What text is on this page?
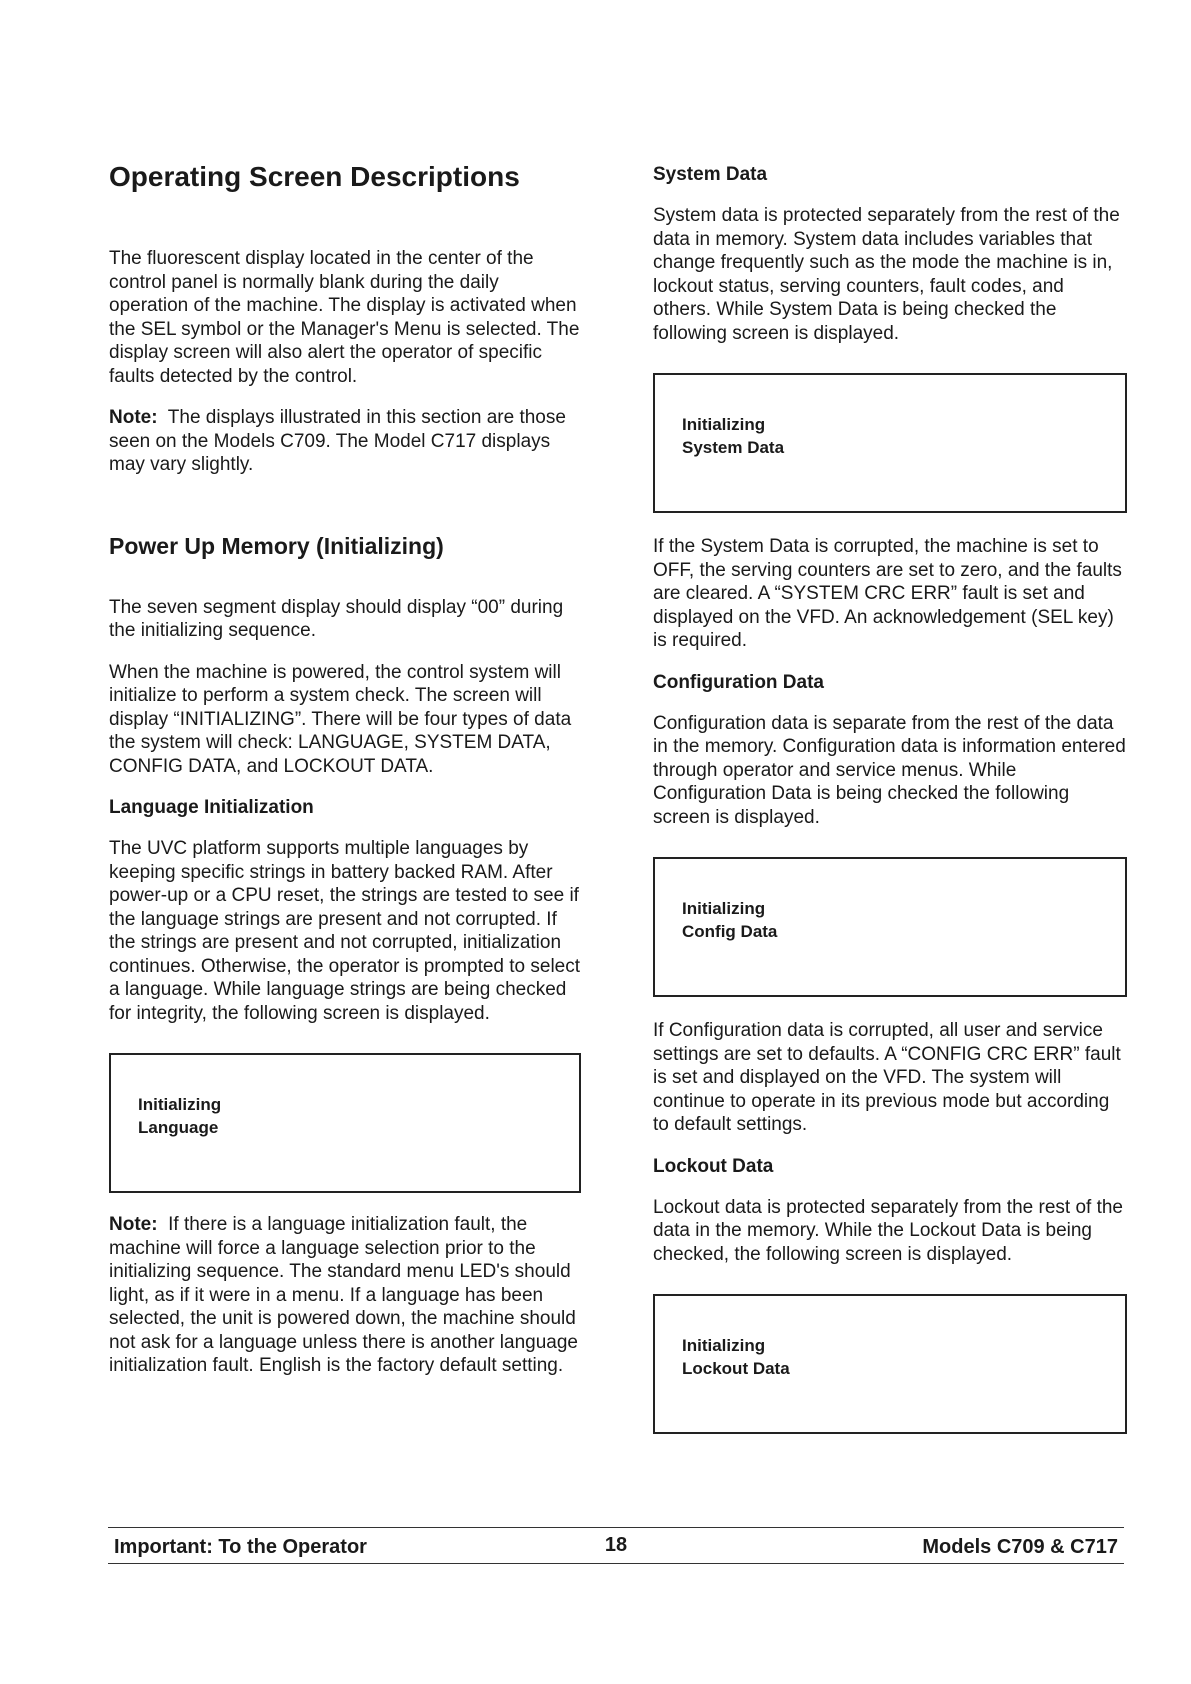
Operating Screen Descriptions

The fluorescent display located in the center of the control panel is normally blank during the daily operation of the machine. The display is activated when the SEL symbol or the Manager's Menu is selected. The display screen will also alert the operator of specific faults detected by the control.

Note: The displays illustrated in this section are those seen on the Models C709. The Model C717 displays may vary slightly.

Power Up Memory (Initializing)

The seven segment display should display “00” during the initializing sequence.

When the machine is powered, the control system will initialize to perform a system check. The screen will display “INITIALIZING”. There will be four types of data the system will check: LANGUAGE, SYSTEM DATA, CONFIG DATA, and LOCKOUT DATA.

Language Initialization

The UVC platform supports multiple languages by keeping specific strings in battery backed RAM. After power-up or a CPU reset, the strings are tested to see if the language strings are present and not corrupted. If the strings are present and not corrupted, initialization continues. Otherwise, the operator is prompted to select a language. While language strings are being checked for integrity, the following screen is displayed.

Initializing
Language

Note: If there is a language initialization fault, the machine will force a language selection prior to the initializing sequence. The standard menu LED's should light, as if it were in a menu. If a language has been selected, the unit is powered down, the machine should not ask for a language unless there is another language initialization fault. English is the factory default setting.

System Data

System data is protected separately from the rest of the data in memory. System data includes variables that change frequently such as the mode the machine is in, lockout status, serving counters, fault codes, and others. While System Data is being checked the following screen is displayed.

Initializing
System Data

If the System Data is corrupted, the machine is set to OFF, the serving counters are set to zero, and the faults are cleared. A “SYSTEM CRC ERR” fault is set and displayed on the VFD. An acknowledgement (SEL key) is required.

Configuration Data

Configuration data is separate from the rest of the data in the memory. Configuration data is information entered through operator and service menus. While Configuration Data is being checked the following screen is displayed.

Initializing
Config Data

If Configuration data is corrupted, all user and service settings are set to defaults. A “CONFIG CRC ERR” fault is set and displayed on the VFD. The system will continue to operate in its previous mode but according to default settings.

Lockout Data

Lockout data is protected separately from the rest of the data in the memory. While the Lockout Data is being checked, the following screen is displayed.

Initializing
Lockout Data
Important: To the Operator	18	Models C709 & C717
